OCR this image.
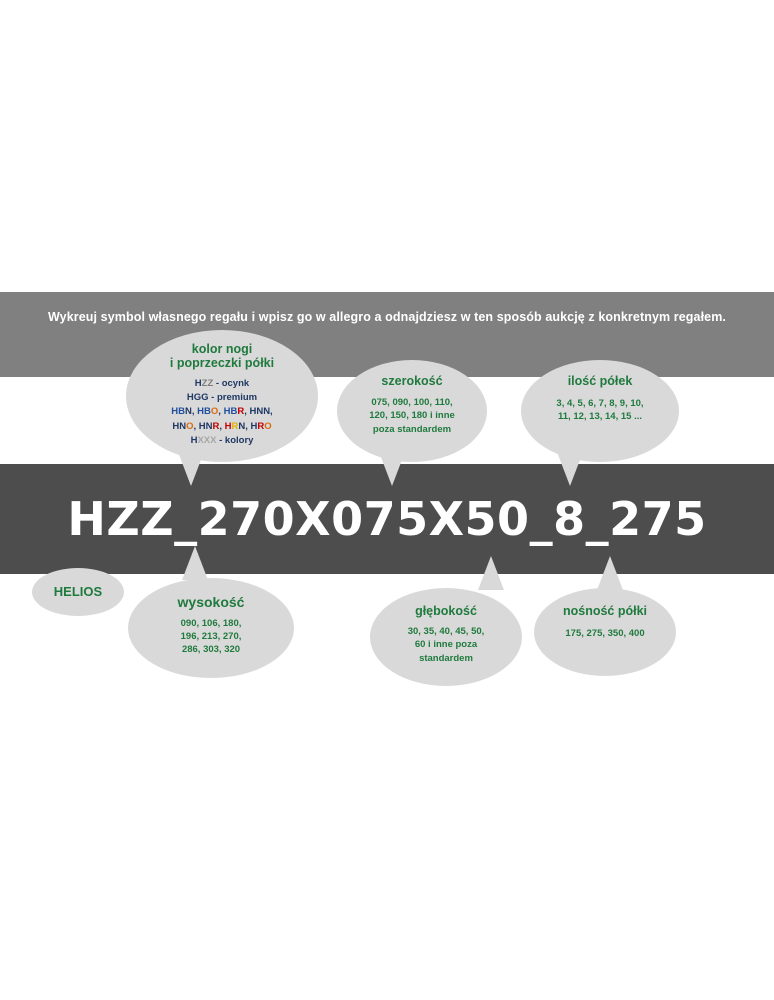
Wykreuj symbol własnego regału i wpisz go w allegro a odnajdziesz w ten sposób aukcję z konkretnym regałem.
HZZ_270X075X50_8_275
kolor nogi
i poprzeczki półki
HZZ - ocynk
HGG - premium
HBN, HBO, HBR, HNN,
HNO, HNR, HRN, HRO
HXXX - kolory
szerokość
075, 090, 100, 110,
120, 150, 180 i inne
poza standardem
ilość półek
3, 4, 5, 6, 7, 8, 9, 10,
11, 12, 13, 14, 15 ...
HELIOS
wysokość
090, 106, 180,
196, 213, 270,
286, 303, 320
głębokość
30, 35, 40, 45, 50,
60 i inne poza
standardem
nośność półki
175, 275, 350, 400
